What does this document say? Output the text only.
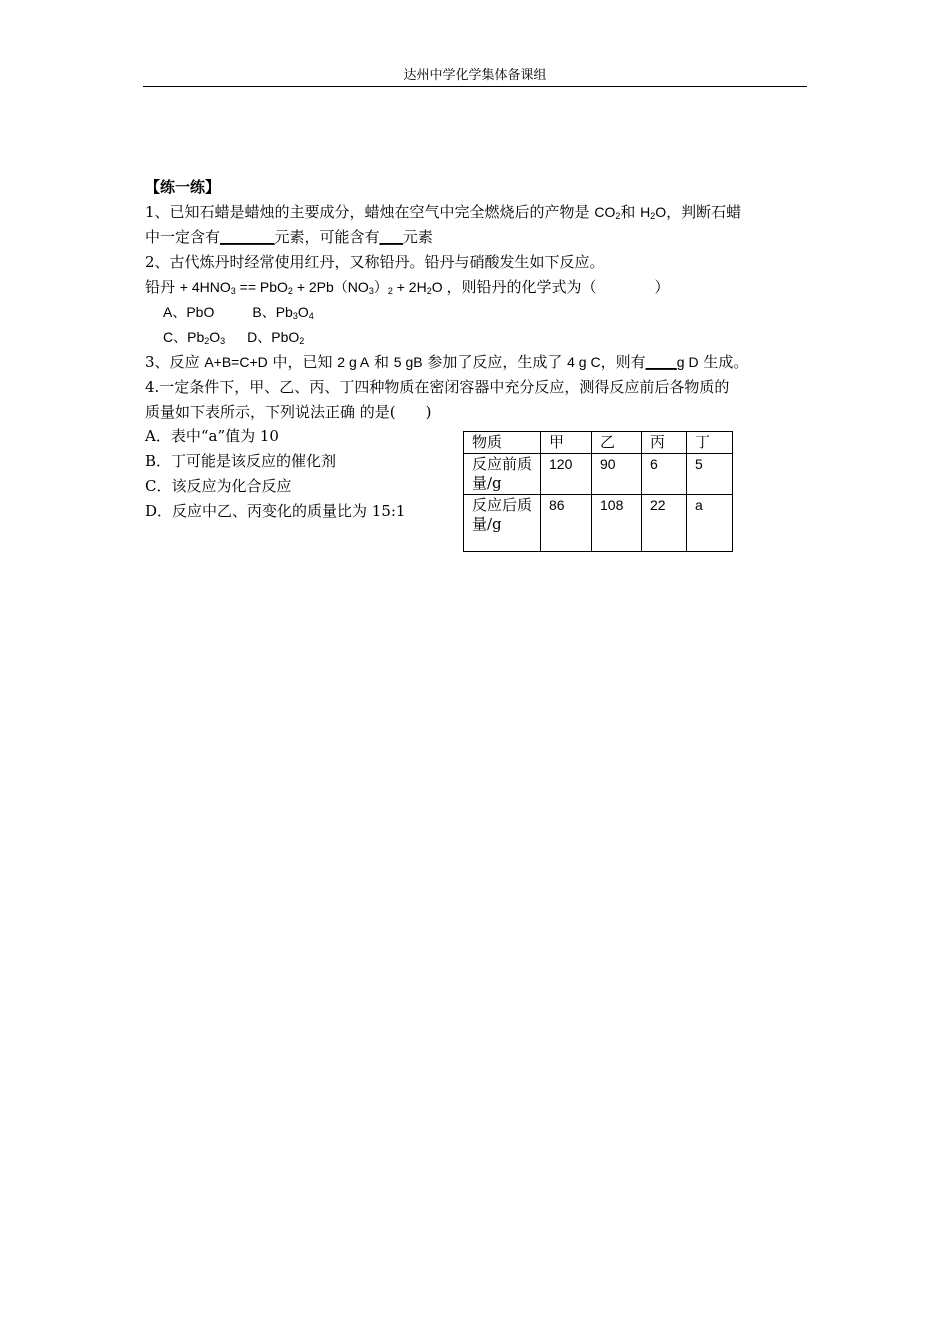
达州中学化学集体备课组
【练一练】
1、已知石蜡是蜡烛的主要成分，蜡烛在空气中完全燃烧后的产物是 $CO_2$和 $H_2O$，判断石蜡
中一定含有_______元素，可能含有___元素
2、古代炼丹时经常使用红丹，又称铅丹。铅丹与硝酸发生如下反应。
铅丹 + $4HNO_3 == PbO_2 + 2Pb(NO_3)_2 + 2H_2O$ ，则铅丹的化学式为（	）
A、PbO	B、$Pb_3O_4$
C、$Pb_2O_3$ D、PbO$_2$
3、反应 A+B=C+D 中，已知 2 g A 和 5 gB 参加了反应，生成了 4 g C，则有____g D 生成。
4.一定条件下，甲、乙、丙、丁四种物质在密闭容器中充分反应，测得反应前后各物质的
质量如下表所示，下列说法正确 的是(　　)
A．表中“a”值为 10
B．丁可能是该反应的催化剂
C．该反应为化合反应
D．反应中乙、丙变化的质量比为 15:1
物质	甲	乙	丙	丁
反应前质量/g	120	90	6	5
反应后质量/g	86	108	22	a
